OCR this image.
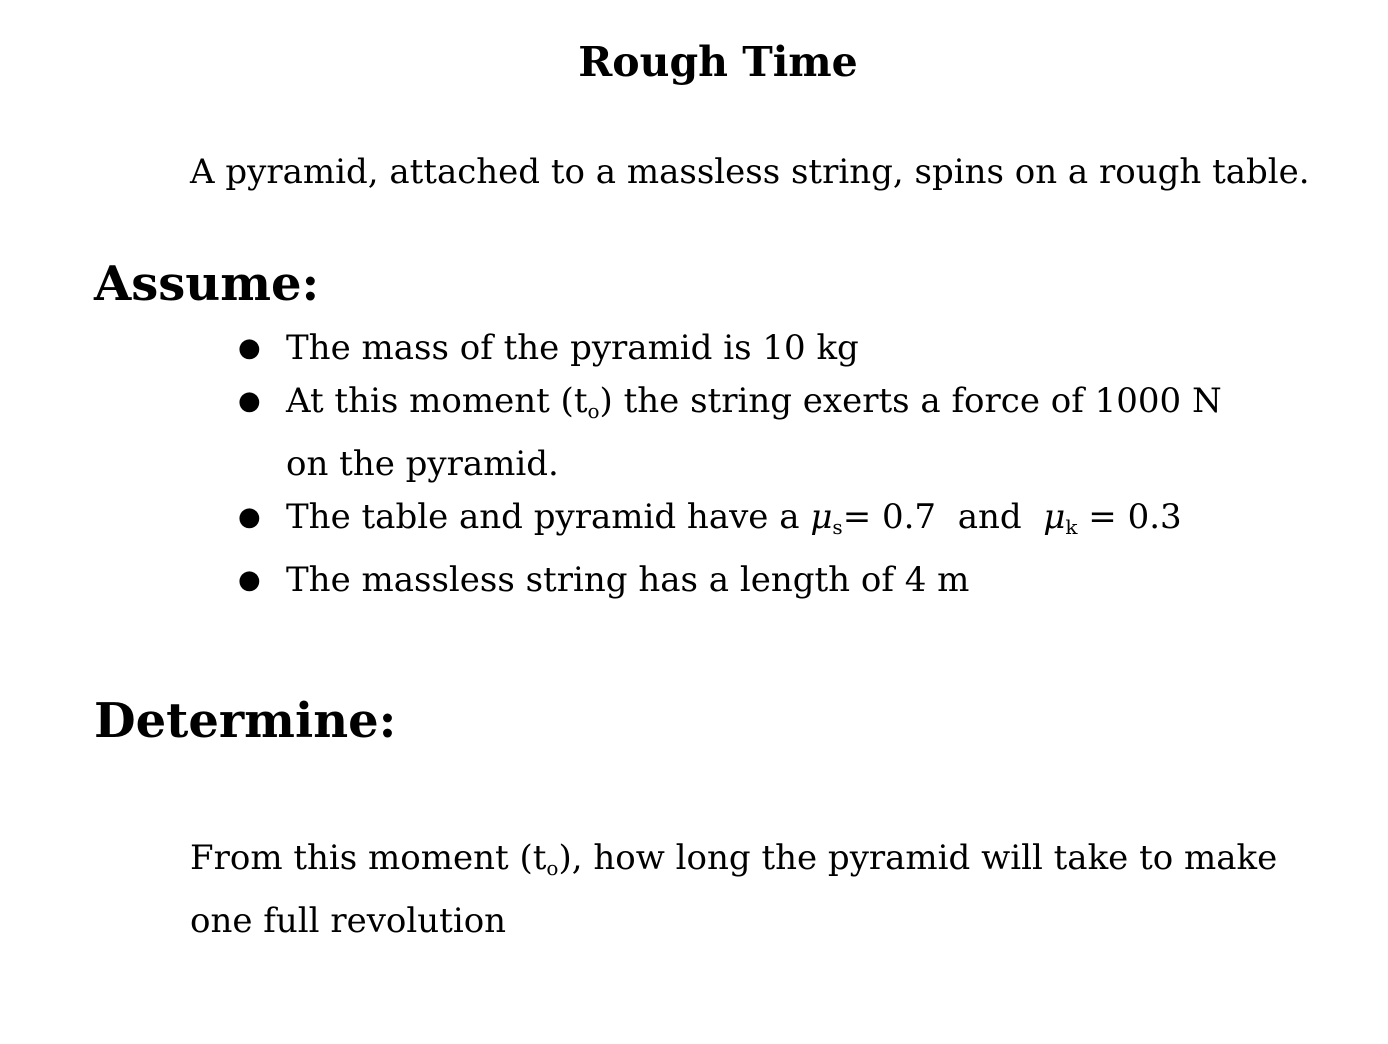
Rough Time

A pyramid, attached to a massless string, spins on a rough table.

Assume:
● The mass of the pyramid is 10 kg
● At this moment $(t_o)$ the string exerts a force of 1000 N on the pyramid.
● The table and pyramid have a $\mu_s= 0.7$ and $\mu_k = 0.3$
● The massless string has a length of 4 m
Determine:

From this moment $(t_o)$, how long the pyramid will take to make one full revolution
